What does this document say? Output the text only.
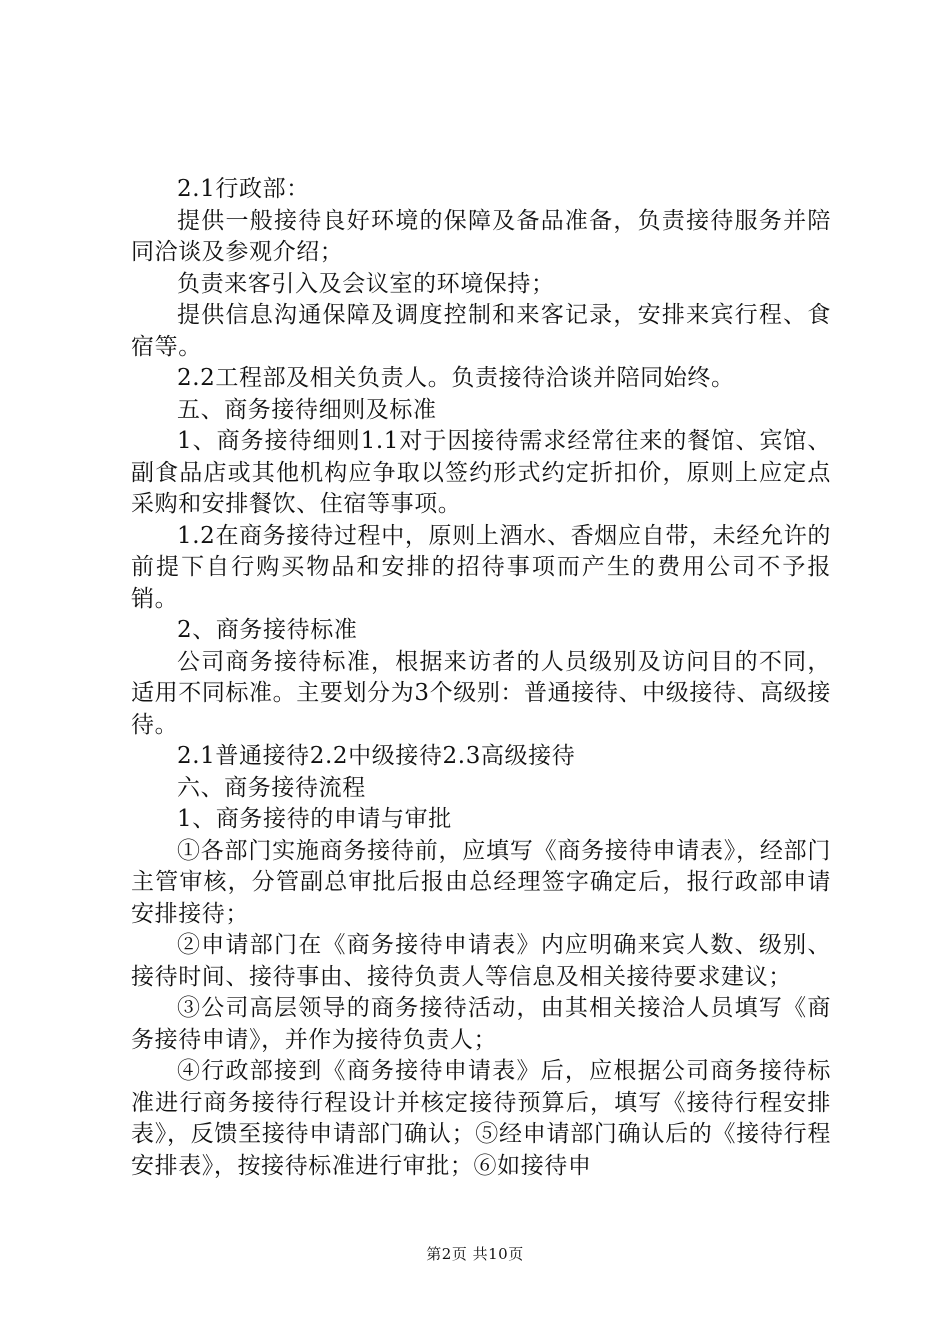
2.1行政部：

提供一般接待良好环境的保障及备品准备，负责接待服务并陪同洽谈及参观介绍；

负责来客引入及会议室的环境保持；

提供信息沟通保障及调度控制和来客记录，安排来宾行程、食宿等。

2.2工程部及相关负责人。负责接待洽谈并陪同始终。

五、商务接待细则及标准

1、商务接待细则1.1对于因接待需求经常往来的餐馆、宾馆、副食品店或其他机构应争取以签约形式约定折扣价，原则上应定点采购和安排餐饮、住宿等事项。

1.2在商务接待过程中，原则上酒水、香烟应自带，未经允许的前提下自行购买物品和安排的招待事项而产生的费用公司不予报销。

2、商务接待标准

公司商务接待标准，根据来访者的人员级别及访问目的不同，适用不同标准。主要划分为3个级别：普通接待、中级接待、高级接待。

2.1普通接待2.2中级接待2.3高级接待

六、商务接待流程

1、商务接待的申请与审批

①各部门实施商务接待前，应填写《商务接待申请表》，经部门主管审核，分管副总审批后报由总经理签字确定后，报行政部申请安排接待；

②申请部门在《商务接待申请表》内应明确来宾人数、级别、接待时间、接待事由、接待负责人等信息及相关接待要求建议；

③公司高层领导的商务接待活动，由其相关接洽人员填写《商务接待申请》，并作为接待负责人；

④行政部接到《商务接待申请表》后，应根据公司商务接待标准进行商务接待行程设计并核定接待预算后，填写《接待行程安排表》，反馈至接待申请部门确认；⑤经申请部门确认后的《接待行程安排表》，按接待标准进行审批；⑥如接待申

第2页 共10页
